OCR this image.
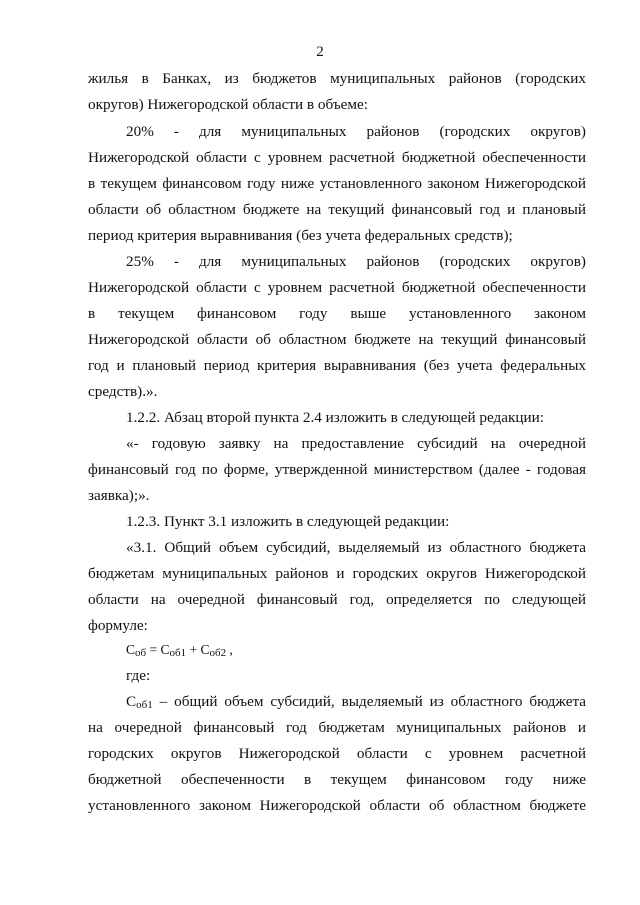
2
жилья в Банках, из бюджетов муниципальных районов (городских
округов) Нижегородской области в объеме:
20% - для муниципальных районов (городских округов)
Нижегородской области с уровнем расчетной бюджетной обеспеченности
в текущем финансовом году ниже установленного законом Нижегородской
области об областном бюджете на текущий финансовый год и плановый
период критерия выравнивания (без учета федеральных средств);
25% - для муниципальных районов (городских округов)
Нижегородской области с уровнем расчетной бюджетной обеспеченности
в текущем финансовом году выше установленного законом
Нижегородской области об областном бюджете на текущий финансовый
год и плановый период критерия выравнивания (без учета федеральных
средств).».
1.2.2. Абзац второй пункта 2.4 изложить в следующей редакции:
«- годовую заявку на предоставление субсидий на очередной
финансовый год по форме, утвержденной министерством (далее - годовая
заявка);».
1.2.3. Пункт 3.1 изложить в следующей редакции:
«3.1. Общий объем субсидий, выделяемый из областного бюджета
бюджетам муниципальных районов и городских округов Нижегородской
области на очередной финансовый год, определяется по следующей
формуле:
Соб = Соб1 + Соб2 ,
где:
Соб1 – общий объем субсидий, выделяемый из областного бюджета
на очередной финансовый год бюджетам муниципальных районов и
городских округов Нижегородской области с уровнем расчетной
бюджетной обеспеченности в текущем финансовом году ниже
установленного законом Нижегородской области об областном бюджете
